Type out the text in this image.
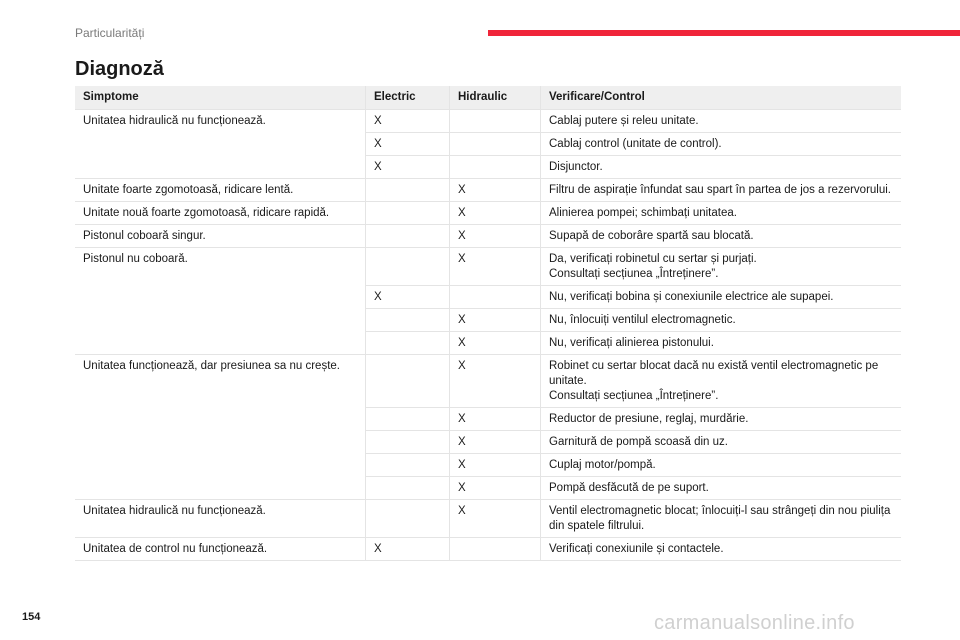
Particularități
Diagnoză
Simptome	Electric	Hidraulic	Verificare/Control
Unitatea hidraulică nu funcționează.	X		Cablaj putere și releu unitate.

	X		Cablaj control (unitate de control).

	X		Disjunctor.

Unitate foarte zgomotoasă, ridicare lentă.		X	Filtru de aspirație înfundat sau spart în partea de jos a rezervorului.

Unitate nouă foarte zgomotoasă, ridicare rapidă.		X	Alinierea pompei; schimbați unitatea.

Pistonul coboară singur.		X	Supapă de coborâre spartă sau blocată.

Pistonul nu coboară.		X	Da, verificați robinetul cu sertar și purjați.
Consultați secțiunea „Întreținere”.

	X		Nu, verificați bobina și conexiunile electrice ale supapei.

		X	Nu, înlocuiți ventilul electromagnetic.

		X	Nu, verificați alinierea pistonului.

Unitatea funcționează, dar presiunea sa nu crește.		X	Robinet cu sertar blocat dacă nu există ventil electromagnetic pe unitate.
Consultați secțiunea „Întreținere”.

		X	Reductor de presiune, reglaj, murdărie.

		X	Garnitură de pompă scoasă din uz.

		X	Cuplaj motor/pompă.

		X	Pompă desfăcută de pe suport.

Unitatea hidraulică nu funcționează.		X	Ventil electromagnetic blocat; înlocuiți-l sau strângeți din nou piulița din spatele filtrului.

Unitatea de control nu funcționează.	X		Verificați conexiunile și contactele.
154	carmanualsonline.info
